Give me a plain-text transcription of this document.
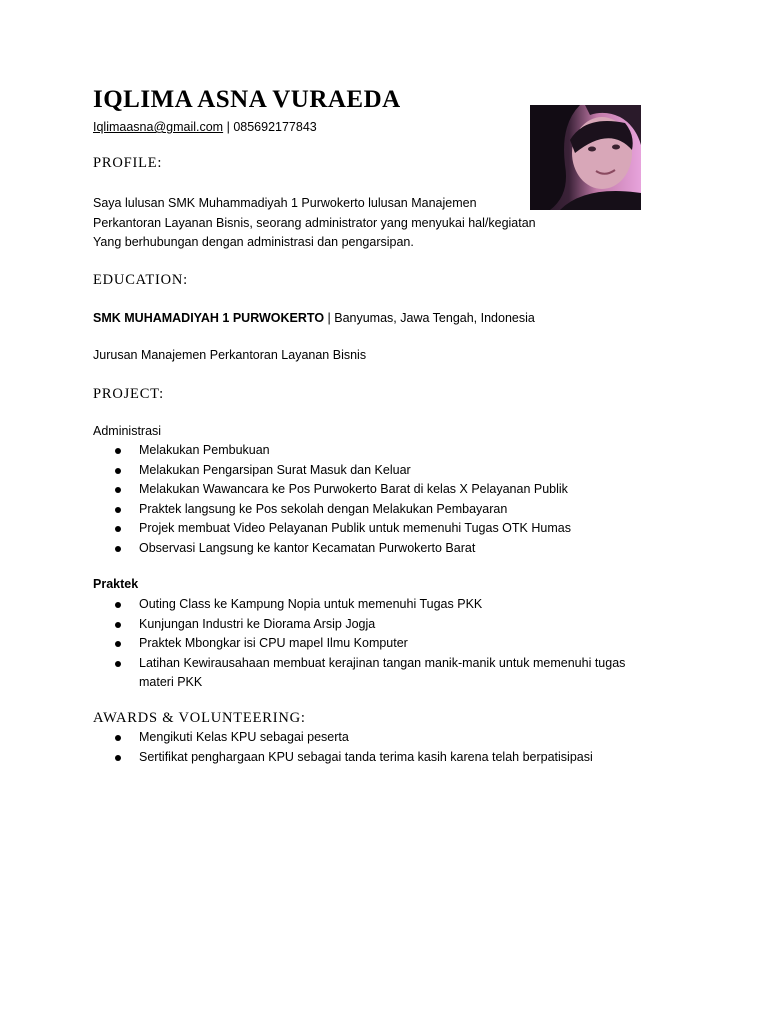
IQLIMA ASNA VURAEDA
Iqlimaasna@gmail.com | 085692177843
PROFILE:
Saya lulusan SMK Muhammadiyah 1 Purwokerto lulusan Manajemen
Perkantoran Layanan Bisnis, seorang administrator yang menyukai hal/kegiatan
Yang berhubungan dengan administrasi dan pengarsipan.
EDUCATION:
SMK MUHAMADIYAH 1 PURWOKERTO | Banyumas, Jawa Tengah, Indonesia
Jurusan Manajemen Perkantoran Layanan Bisnis
PROJECT:
Administrasi
Melakukan Pembukuan
Melakukan Pengarsipan Surat Masuk dan Keluar
Melakukan Wawancara ke Pos Purwokerto Barat di kelas X Pelayanan Publik
Praktek langsung ke Pos sekolah dengan Melakukan Pembayaran
Projek membuat Video Pelayanan Publik untuk memenuhi Tugas OTK Humas
Observasi Langsung ke kantor Kecamatan Purwokerto Barat
Praktek
Outing Class ke Kampung Nopia untuk memenuhi Tugas PKK
Kunjungan Industri ke Diorama Arsip Jogja
Praktek Mbongkar isi CPU mapel Ilmu Komputer
Latihan Kewirausahaan membuat kerajinan tangan manik-manik untuk memenuhi tugas materi PKK
AWARDS & VOLUNTEERING:
Mengikuti Kelas KPU sebagai peserta
Sertifikat penghargaan KPU sebagai tanda terima kasih karena telah berpatisipasi
